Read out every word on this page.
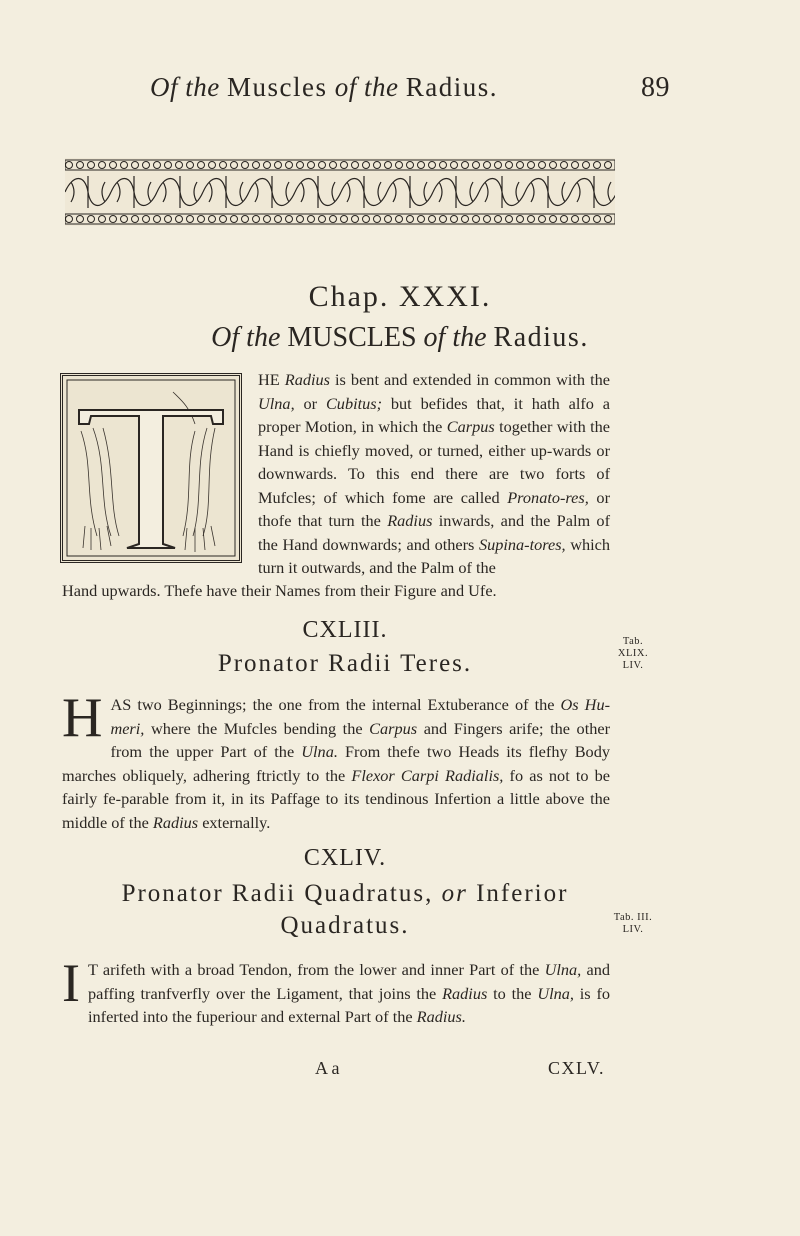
Of the Muscles of the Radius.	89
Chap. XXXI.
Of the MUSCLES of the Radius.
HE Radius is bent and extended in common with the Ulna, or Cubitus; but befides that, it hath alfo a proper Motion, in which the Carpus together with the Hand is chiefly moved, or turned, either up-wards or downwards. To this end there are two forts of Mufcles; of which fome are called Pronato-res, or thofe that turn the Radius inwards, and the Palm of the Hand downwards; and others Supina-tores, which turn it outwards, and the Palm of the
Hand upwards. Thefe have their Names from their Figure and Ufe.
CXLIII.
Pronator Radii Teres.
Tab. XLIX.
LIV.
HAS two Beginnings; the one from the internal Extuberance of the Os Hu-meri, where the Mufcles bending the Carpus and Fingers arife; the other from the upper Part of the Ulna. From thefe two Heads its flefhy Body marches obliquely, adhering ftrictly to the Flexor Carpi Radialis, fo as not to be fairly fe-parable from it, in its Paffage to its tendinous Infertion a little above the middle of the Radius externally.
CXLIV.
Pronator Radii Quadratus, or Inferior
Quadratus.	Tab. III.
LIV.
I T arifeth with a broad Tendon, from the lower and inner Part of the Ulna, and paffing tranfverfly over the Ligament, that joins the Radius to the Ulna, is fo inferted into the fuperiour and external Part of the Radius.
A a	CXLV.
